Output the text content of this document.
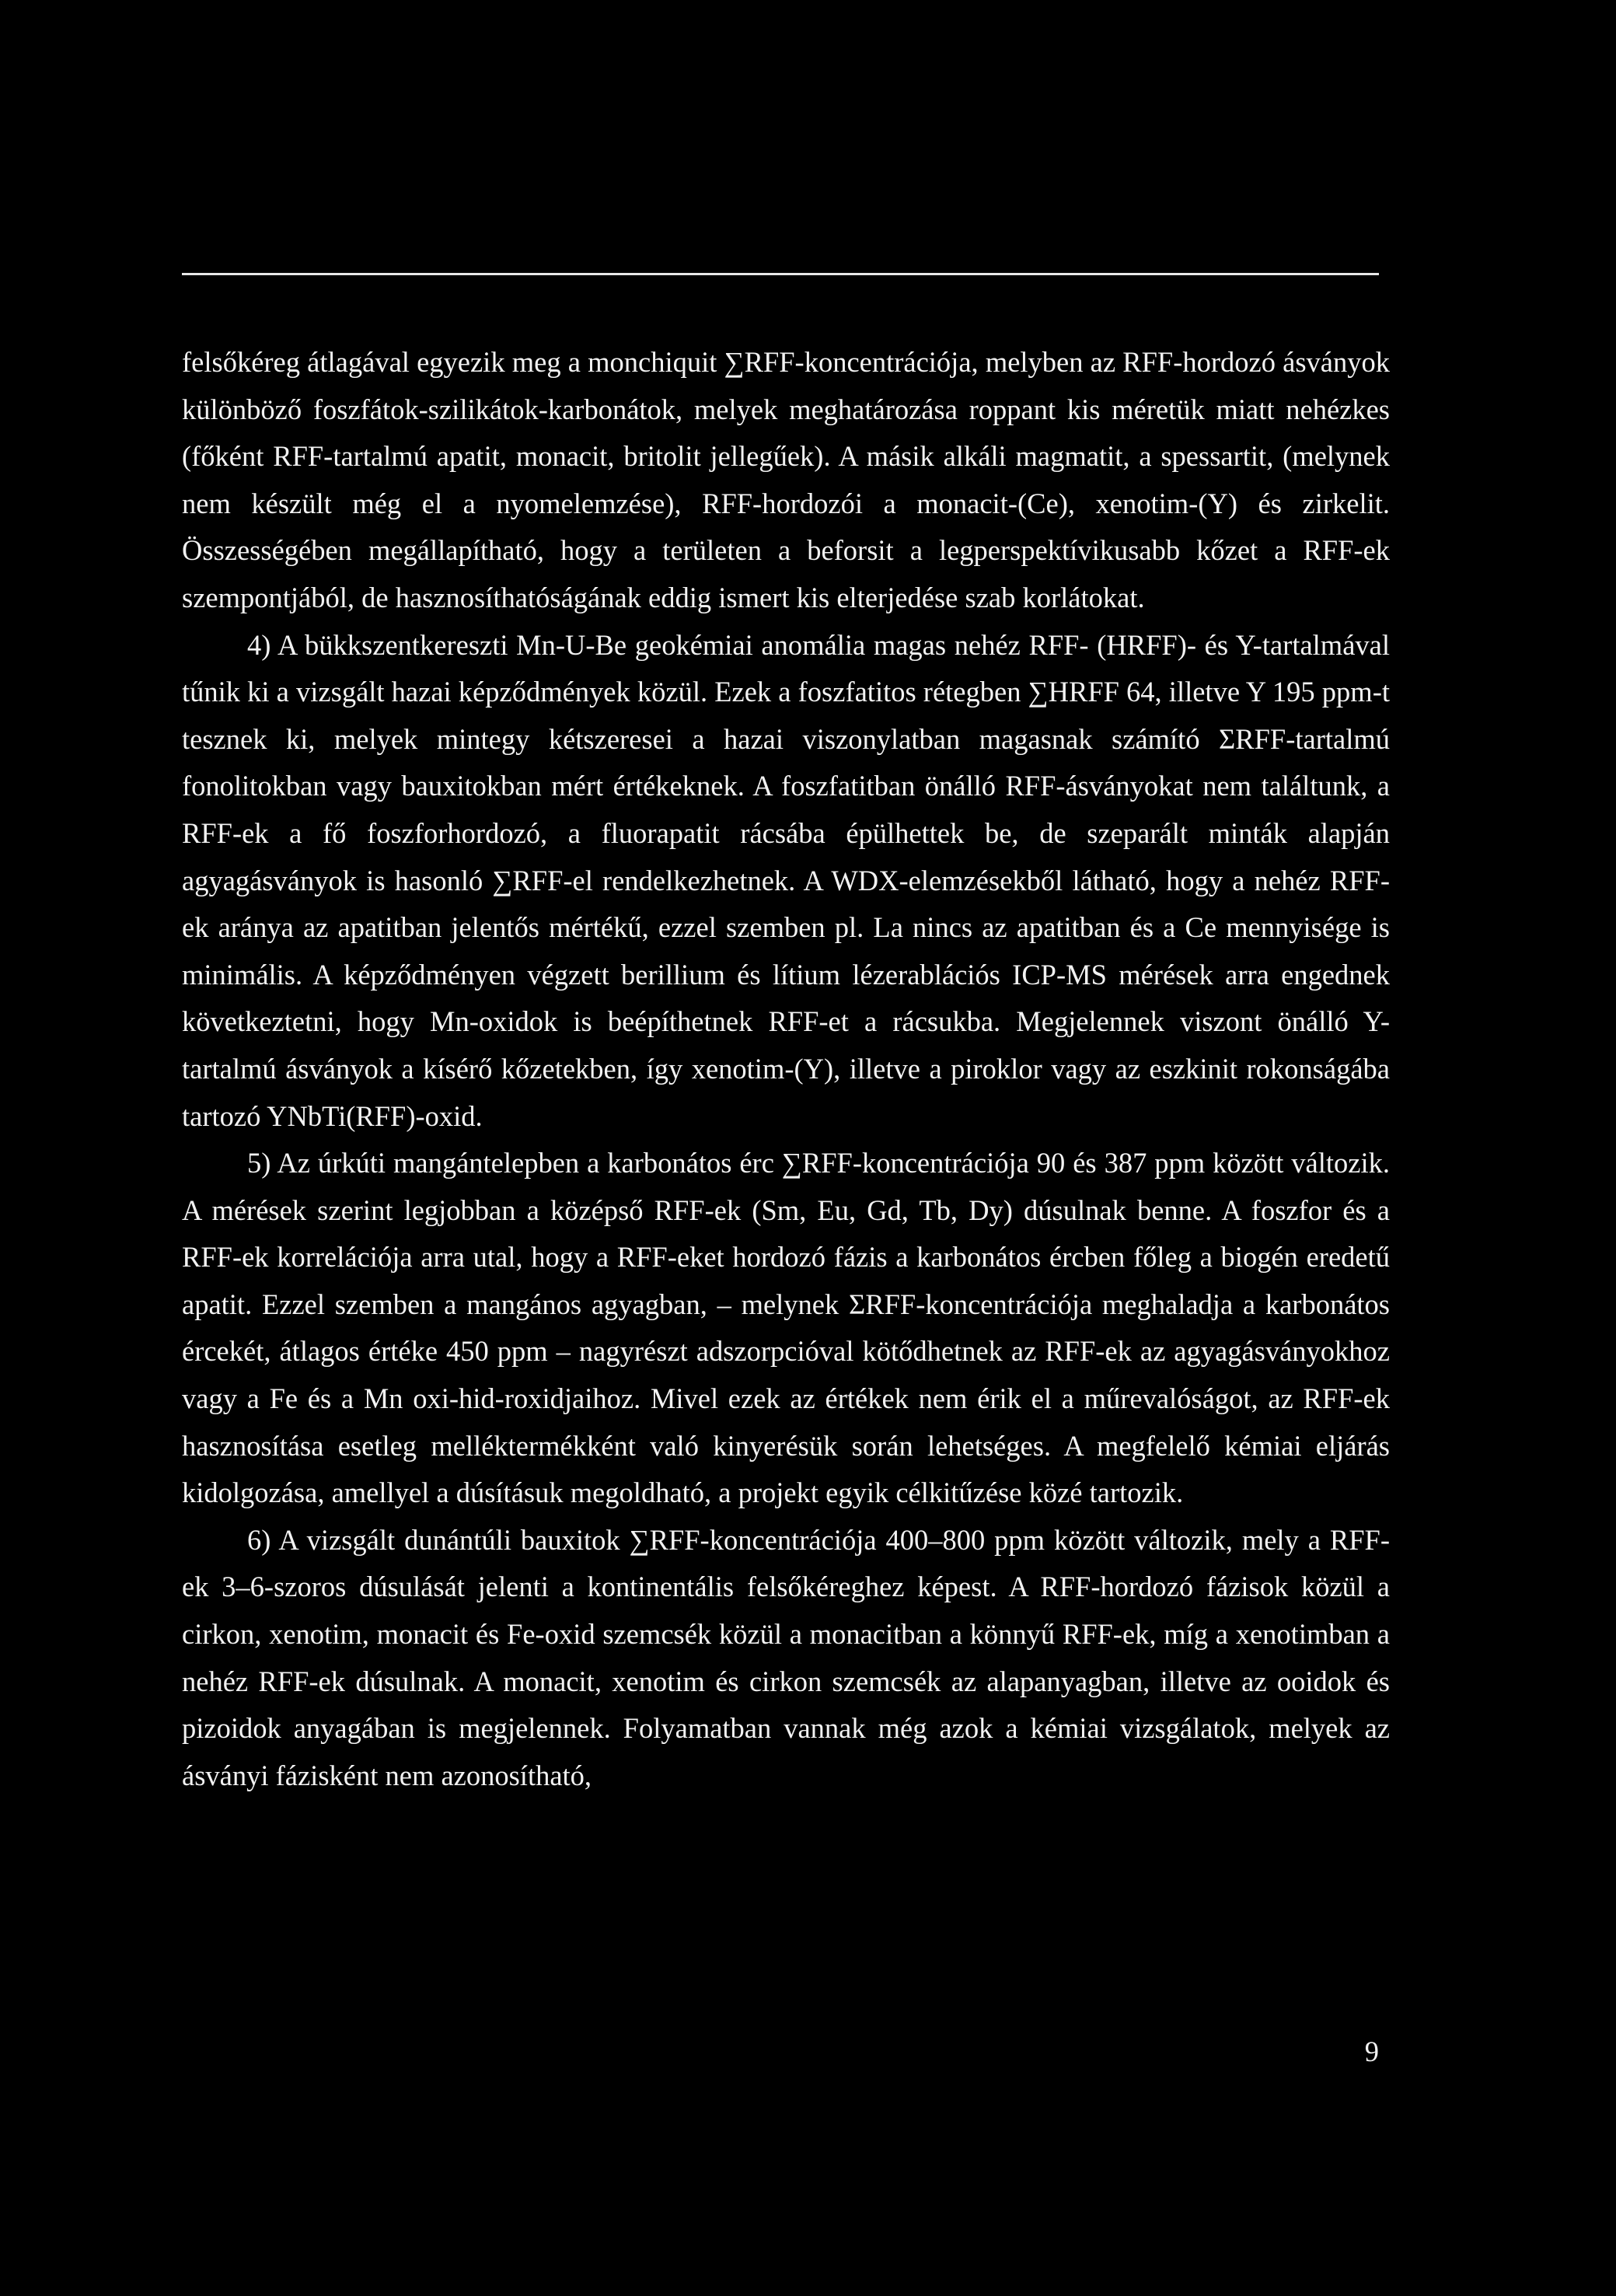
felsőkéreg átlagával egyezik meg a monchiquit ∑RFF-koncentrációja, melyben az RFF-hordozó ásványok különböző foszfátok-szilikátok-karbonátok, melyek meghatározása roppant kis méretük miatt nehézkes (főként RFF-tartalmú apatit, monacit, britolit jellegűek). A másik alkáli magmatit, a spessartit, (melynek nem készült még el a nyomelemzése), RFF-hordozói a monacit-(Ce), xenotim-(Y) és zirkelit. Összességében megállapítható, hogy a területen a beforsit a legperspektívikusabb kőzet a RFF-ek szempontjából, de hasznosíthatóságának eddig ismert kis elterjedése szab korlátokat.

4) A bükkszentkereszti Mn-U-Be geokémiai anomália magas nehéz RFF- (HRFF)- és Y-tartalmával tűnik ki a vizsgált hazai képződmények közül. Ezek a foszfatitos rétegben ∑HRFF 64, illetve Y 195 ppm-t tesznek ki, melyek mintegy kétszeresei a hazai viszonylatban magasnak számító ΣRFF-tartalmú fonolitokban vagy bauxitokban mért értékeknek. A foszfatitban önálló RFF-ásványokat nem találtunk, a RFF-ek a fő foszforhordozó, a fluorapatit rácsába épülhettek be, de szeparált minták alapján agyagásványok is hasonló ∑RFF-el rendelkezhetnek. A WDX-elemzésekből látható, hogy a nehéz RFF-ek aránya az apatitban jelentős mértékű, ezzel szemben pl. La nincs az apatitban és a Ce mennyisége is minimális. A képződményen végzett berillium és lítium lézerablációs ICP-MS mérések arra engednek következtetni, hogy Mn-oxidok is beépíthetnek RFF-et a rácsukba. Megjelennek viszont önálló Y-tartalmú ásványok a kísérő kőzetekben, így xenotim-(Y), illetve a piroklor vagy az eszkinit rokonságába tartozó YNbTi(RFF)-oxid.

5) Az úrkúti mangántelepben a karbonátos érc ∑RFF-koncentrációja 90 és 387 ppm között változik. A mérések szerint legjobban a középső RFF-ek (Sm, Eu, Gd, Tb, Dy) dúsulnak benne. A foszfor és a RFF-ek korrelációja arra utal, hogy a RFF-eket hordozó fázis a karbonátos ércben főleg a biogén eredetű apatit. Ezzel szemben a mangános agyagban, – melynek ΣRFF-koncentrációja meghaladja a karbonátos ércekét, átlagos értéke 450 ppm – nagyrészt adszorpcióval kötődhetnek az RFF-ek az agyagásványokhoz vagy a Fe és a Mn oxi-hid-roxidjaihoz. Mivel ezek az értékek nem érik el a műrevalóságot, az RFF-ek hasznosítása esetleg melléktermékként való kinyerésük során lehetséges. A megfelelő kémiai eljárás kidolgozása, amellyel a dúsításuk megoldható, a projekt egyik célkitűzése közé tartozik.

6) A vizsgált dunántúli bauxitok ∑RFF-koncentrációja 400–800 ppm között változik, mely a RFF-ek 3–6-szoros dúsulását jelenti a kontinentális felsőkéreghez képest. A RFF-hordozó fázisok közül a cirkon, xenotim, monacit és Fe-oxid szemcsék közül a monacitban a könnyű RFF-ek, míg a xenotimban a nehéz RFF-ek dúsulnak. A monacit, xenotim és cirkon szemcsék az alapanyagban, illetve az ooidok és pizoidok anyagában is megjelennek. Folyamatban vannak még azok a kémiai vizsgálatok, melyek az ásványi fázisként nem azonosítható,

9
